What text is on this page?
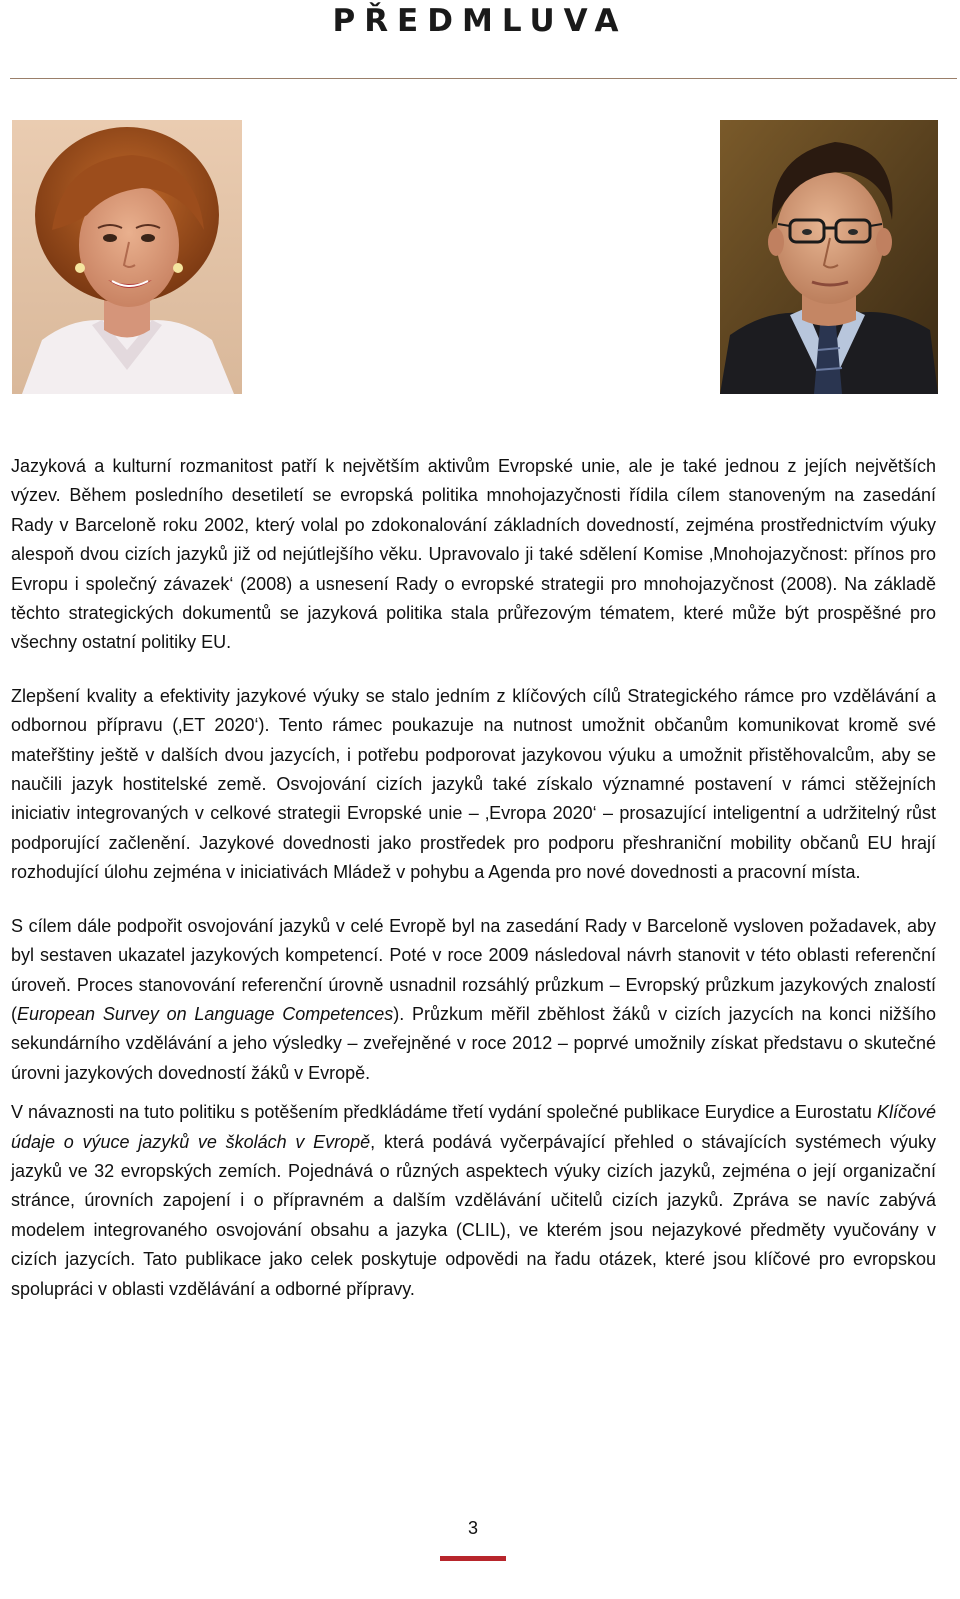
PŘEDMLUVA

Jazyková a kulturní rozmanitost patří k největším aktivům Evropské unie, ale je také jednou z jejích největších výzev. Během posledního desetiletí se evropská politika mnohojazyčnosti řídila cílem stanoveným na zasedání Rady v Barceloně roku 2002, který volal po zdokonalování základních dovedností, zejména prostřednictvím výuky alespoň dvou cizích jazyků již od nejútlejšího věku. Upravovalo ji také sdělení Komise ‚Mnohojazyčnost: přínos pro Evropu i společný závazek‘ (2008) a usnesení Rady o evropské strategii pro mnohojazyčnost (2008). Na základě těchto strategických dokumentů se jazyková politika stala průřezovým tématem, které může být prospěšné pro všechny ostatní politiky EU.

Zlepšení kvality a efektivity jazykové výuky se stalo jedním z klíčových cílů Strategického rámce pro vzdělávání a odbornou přípravu (‚ET 2020‘). Tento rámec poukazuje na nutnost umožnit občanům komunikovat kromě své mateřštiny ještě v dalších dvou jazycích, i potřebu podporovat jazykovou výuku a umožnit přistěhovalcům, aby se naučili jazyk hostitelské země. Osvojování cizích jazyků také získalo významné postavení v rámci stěžejních iniciativ integrovaných v celkové strategii Evropské unie – ‚Evropa 2020‘ – prosazující inteligentní a udržitelný růst podporující začlenění. Jazykové dovednosti jako prostředek pro podporu přeshraniční mobility občanů EU hrají rozhodující úlohu zejména v iniciativách Mládež v pohybu a Agenda pro nové dovednosti a pracovní místa.

S cílem dále podpořit osvojování jazyků v celé Evropě byl na zasedání Rady v Barceloně vysloven požadavek, aby byl sestaven ukazatel jazykových kompetencí. Poté v roce 2009 následoval návrh stanovit v této oblasti referenční úroveň. Proces stanovování referenční úrovně usnadnil rozsáhlý průzkum – Evropský průzkum jazykových znalostí (European Survey on Language Competences). Průzkum měřil zběhlost žáků v cizích jazycích na konci nižšího sekundárního vzdělávání a jeho výsledky – zveřejněné v roce 2012 – poprvé umožnily získat představu o skutečné úrovni jazykových dovedností žáků v Evropě.

V návaznosti na tuto politiku s potěšením předkládáme třetí vydání společné publikace Eurydice a Eurostatu Klíčové údaje o výuce jazyků ve školách v Evropě, která podává vyčerpávající přehled o stávajících systémech výuky jazyků ve 32 evropských zemích. Pojednává o různých aspektech výuky cizích jazyků, zejména o její organizační stránce, úrovních zapojení i o přípravném a dalším vzdělávání učitelů cizích jazyků. Zpráva se navíc zabývá modelem integrovaného osvojování obsahu a jazyka (CLIL), ve kterém jsou nejazykové předměty vyučovány v cizích jazycích. Tato publikace jako celek poskytuje odpovědi na řadu otázek, které jsou klíčové pro evropskou spolupráci v oblasti vzdělávání a odborné přípravy.

3
